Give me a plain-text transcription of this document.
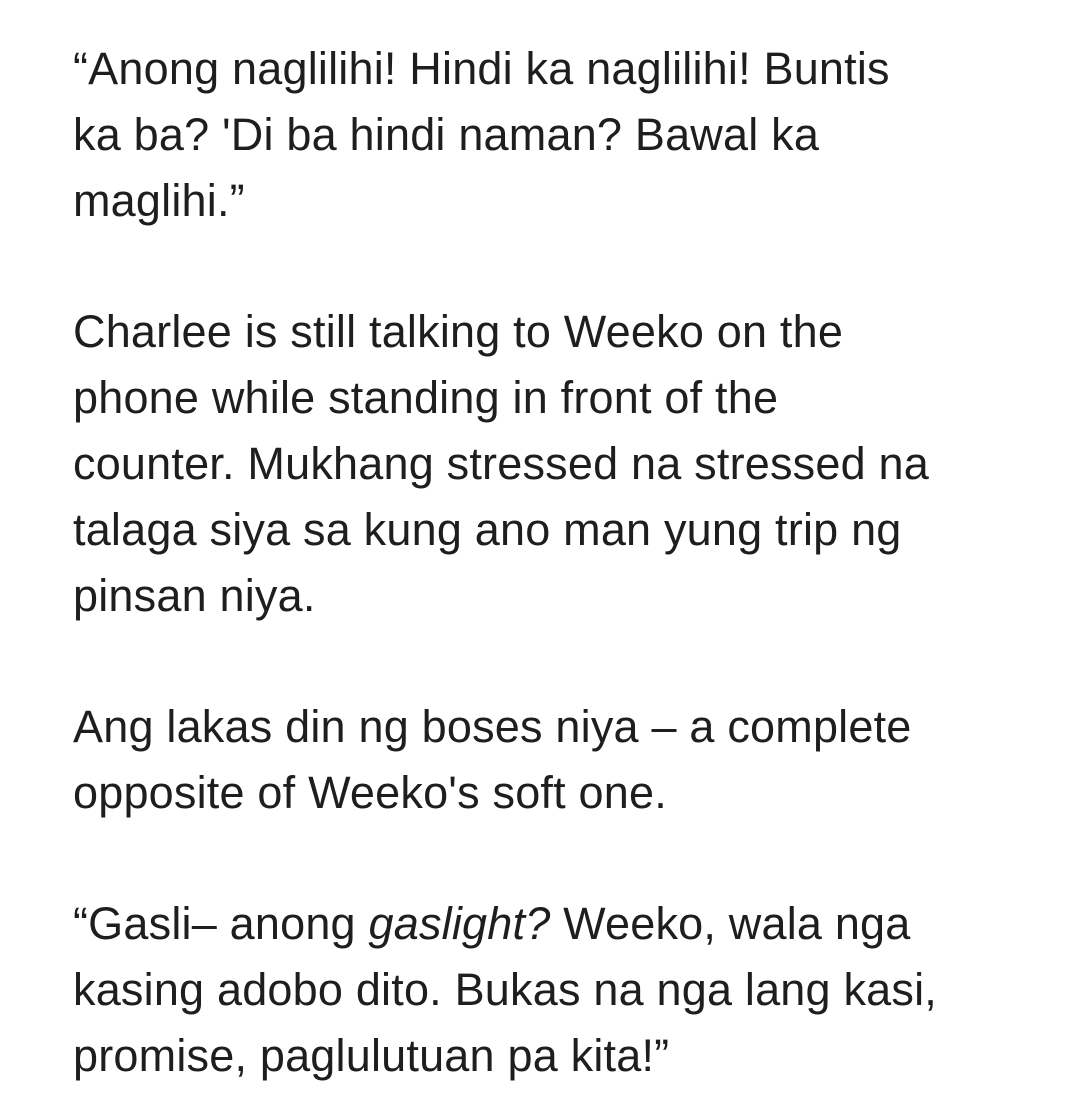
“Anong naglilihi! Hindi ka naglilihi! Buntis
ka ba? 'Di ba hindi naman? Bawal ka
maglihi.”
Charlee is still talking to Weeko on the
phone while standing in front of the
counter. Mukhang stressed na stressed na
talaga siya sa kung ano man yung trip ng
pinsan niya.
Ang lakas din ng boses niya – a complete
opposite of Weeko's soft one.
“Gasli– anong gaslight? Weeko, wala nga
kasing adobo dito. Bukas na nga lang kasi,
promise, paglulutuan pa kita!”
